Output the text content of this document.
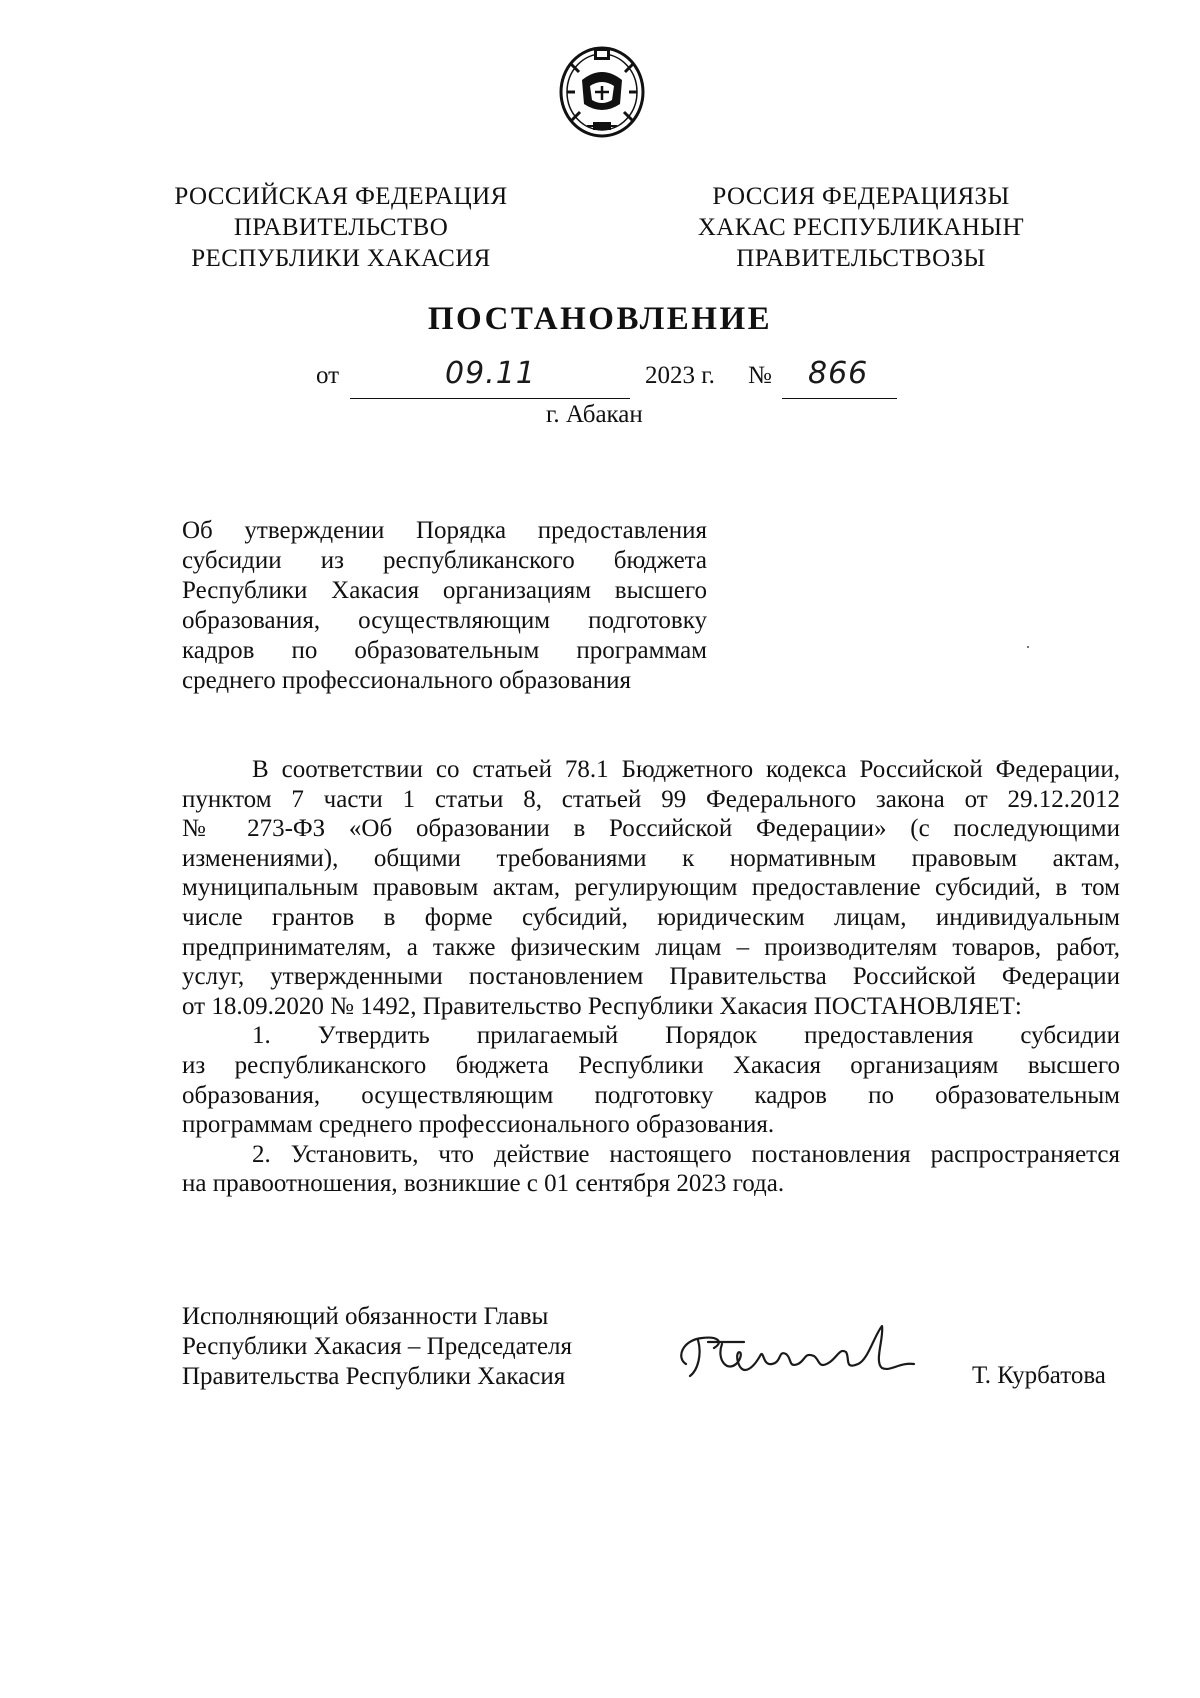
РОССИЙСКАЯ ФЕДЕРАЦИЯ
ПРАВИТЕЛЬСТВО
РЕСПУБЛИКИ ХАКАСИЯ
РОССИЯ ФЕДЕРАЦИЯЗЫ
ХАКАС РЕСПУБЛИКАНЫҤ
ПРАВИТЕЛЬСТВОЗЫ
ПОСТАНОВЛЕНИЕ
от	09.11	2023 г. № 866
г. Абакан
Об утверждении Порядка предоставления
субсидии из республиканского бюджета
Республики Хакасия организациям высшего
образования, осуществляющим подготовку
кадров по образовательным программам
среднего профессионального образования
В соответствии со статьей 78.1 Бюджетного кодекса Российской Федерации,
пунктом 7 части 1 статьи 8, статьей 99 Федерального закона от 29.12.2012
№ 273-ФЗ «Об образовании в Российской Федерации» (с последующими
изменениями), общими требованиями к нормативным правовым актам,
муниципальным правовым актам, регулирующим предоставление субсидий, в том
числе грантов в форме субсидий, юридическим лицам, индивидуальным
предпринимателям, а также физическим лицам – производителям товаров, работ,
услуг, утвержденными постановлением Правительства Российской Федерации
от 18.09.2020 № 1492, Правительство Республики Хакасия ПОСТАНОВЛЯЕТ:
1. Утвердить прилагаемый Порядок предоставления субсидии
из республиканского бюджета Республики Хакасия организациям высшего
образования, осуществляющим подготовку кадров по образовательным
программам среднего профессионального образования.
2. Установить, что действие настоящего постановления распространяется
на правоотношения, возникшие с 01 сентября 2023 года.
Исполняющий обязанности Главы
Республики Хакасия – Председателя
Правительства Республики Хакасия	Т. Курбатова
